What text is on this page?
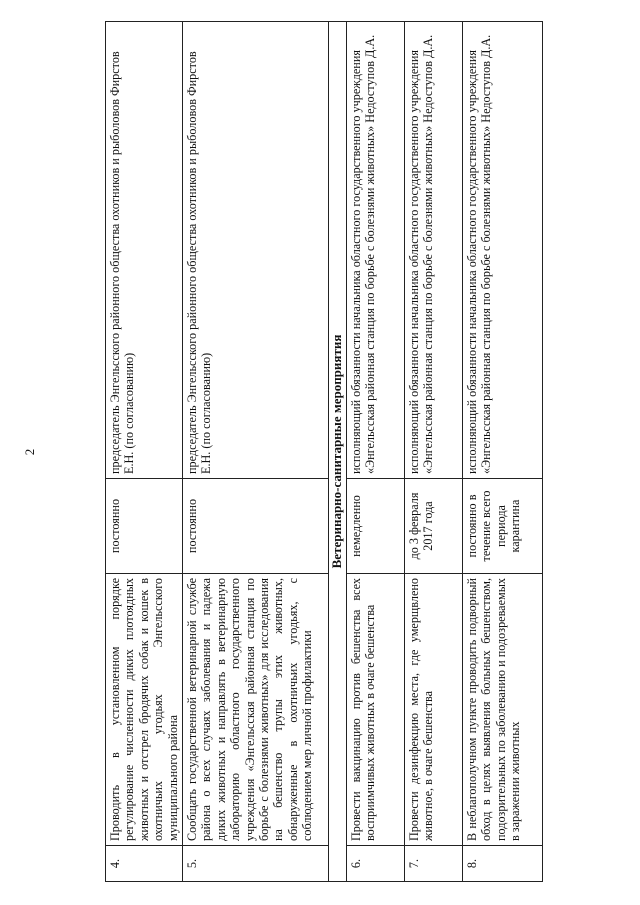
2
4.	Проводить в установленном порядке регулирование численности диких плотоядных животных и отстрел бродячих собак и кошек в охотничьих угодьях Энгельсского муниципального района	постоянно	председатель Энгельсского районного общества охотников и рыболовов Фирстов Е.Н. (по согласованию)
5.	Сообщать государственной ветеринарной службе района о всех случаях заболевания и падежа диких животных и направлять в ветеринарную лабораторию областного государственного учреждения «Энгельсская районная станция по борьбе с болезнями животных» для исследования на бешенство трупы этих животных, обнаруженные в охотничьих угодьях, с соблюдением мер личной профилактики	постоянно	председатель Энгельсского районного общества охотников и рыболовов Фирстов Е.Н. (по согласованию)
Ветеринарно-санитарные мероприятия			
6.	Провести вакцинацию против бешенства всех восприимчивых животных в очаге бешенства	немедленно	исполняющий обязанности начальника областного государственного учреждения «Энгельсская районная станция по борьбе с болезнями животных» Недоступов Д.А.
7.	Провести дезинфекцию места, где умерщвлено животное, в очаге бешенства	до 3 февраля 2017 года	исполняющий обязанности начальника областного государственного учреждения «Энгельсская районная станция по борьбе с болезнями животных» Недоступов Д.А.
8.	В неблагополучном пункте проводить подворный обход в целях выявления больных бешенством, подозрительных по заболеванию и подозреваемых в заражении животных	постоянно в течение всего периода карантина	исполняющий обязанности начальника областного государственного учреждения «Энгельсская районная станция по борьбе с болезнями животных» Недоступов Д.А.
